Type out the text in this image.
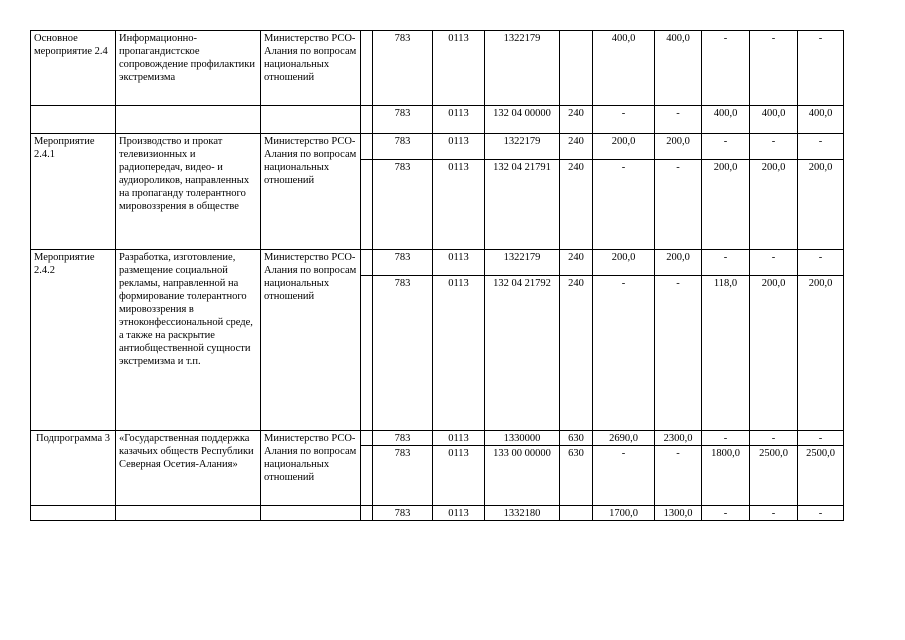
Основное мероприятие 2.4	Информационно-пропагандистское сопровождение профилактики экстремизма	Министерство РСО-Алания по вопросам национальных отношений		783	0113	1322179		400,0	400,0	-	-	-
				783	0113	132 04 00000	240	-	-	400,0	400,0	400,0
Мероприятие 2.4.1	Производство и прокат телевизионных и радиопередач, видео- и аудиороликов, направленных на пропаганду толерантного мировоззрения в обществе	Министерство РСО-Алания по вопросам национальных отношений		783	0113	1322179	240	200,0	200,0	-	-	-
				783	0113	132 04 21791	240	-	-	200,0	200,0	200,0
Мероприятие 2.4.2	Разработка, изготовление, размещение социальной рекламы, направленной на формирование толерантного мировоззрения в этноконфессиональной среде, а также на раскрытие антиобщественной сущности экстремизма и т.п.	Министерство РСО-Алания по вопросам национальных отношений		783	0113	1322179	240	200,0	200,0	-	-	-
				783	0113	132 04 21792	240	-	-	118,0	200,0	200,0
Подпрограмма 3	«Государственная поддержка казачьих обществ Республики Северная Осетия-Алания»	Министерство РСО-Алания по вопросам национальных отношений		783	0113	1330000	630	2690,0	2300,0	-	-	-
				783	0113	133 00 00000	630	-	-	1800,0	2500,0	2500,0
				783	0113	1332180		1700,0	1300,0	-	-	-
